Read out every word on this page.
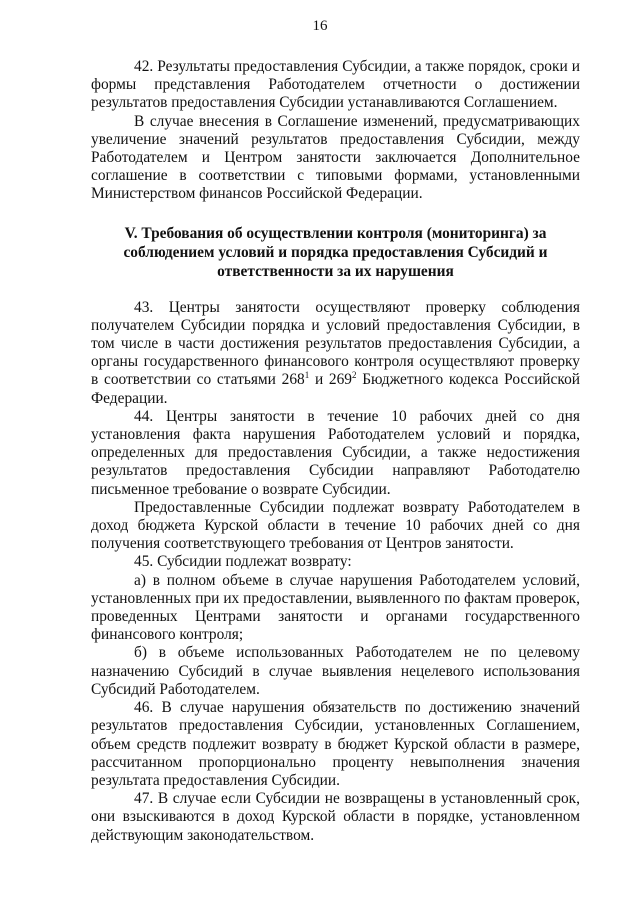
16

42. Результаты предоставления Субсидии, а также порядок, сроки и формы представления Работодателем отчетности о достижении результатов предоставления Субсидии устанавливаются Соглашением.

В случае внесения в Соглашение изменений, предусматривающих увеличение значений результатов предоставления Субсидии, между Работодателем и Центром занятости заключается Дополнительное соглашение в соответствии с типовыми формами, установленными Министерством финансов Российской Федерации.

V. Требования об осуществлении контроля (мониторинга) за
соблюдением условий и порядка предоставления Субсидий и
ответственности за их нарушения

43. Центры занятости осуществляют проверку соблюдения получателем Субсидии порядка и условий предоставления Субсидии, в том числе в части достижения результатов предоставления Субсидии, а органы государственного финансового контроля осуществляют проверку в соответствии со статьями $268^1$ и $269^2$ Бюджетного кодекса Российской Федерации.

44. Центры занятости в течение 10 рабочих дней со дня установления факта нарушения Работодателем условий и порядка, определенных для предоставления Субсидии, а также недостижения результатов предоставления Субсидии направляют Работодателю письменное требование о возврате Субсидии.

Предоставленные Субсидии подлежат возврату Работодателем в доход бюджета Курской области в течение 10 рабочих дней со дня получения соответствующего требования от Центров занятости.

45. Субсидии подлежат возврату:

а) в полном объеме в случае нарушения Работодателем условий, установленных при их предоставлении, выявленного по фактам проверок, проведенных Центрами занятости и органами государственного финансового контроля;

б) в объеме использованных Работодателем не по целевому назначению Субсидий в случае выявления нецелевого использования Субсидий Работодателем.

46. В случае нарушения обязательств по достижению значений результатов предоставления Субсидии, установленных Соглашением, объем средств подлежит возврату в бюджет Курской области в размере, рассчитанном пропорционально проценту невыполнения значения результата предоставления Субсидии.

47. В случае если Субсидии не возвращены в установленный срок, они взыскиваются в доход Курской области в порядке, установленном действующим законодательством.
